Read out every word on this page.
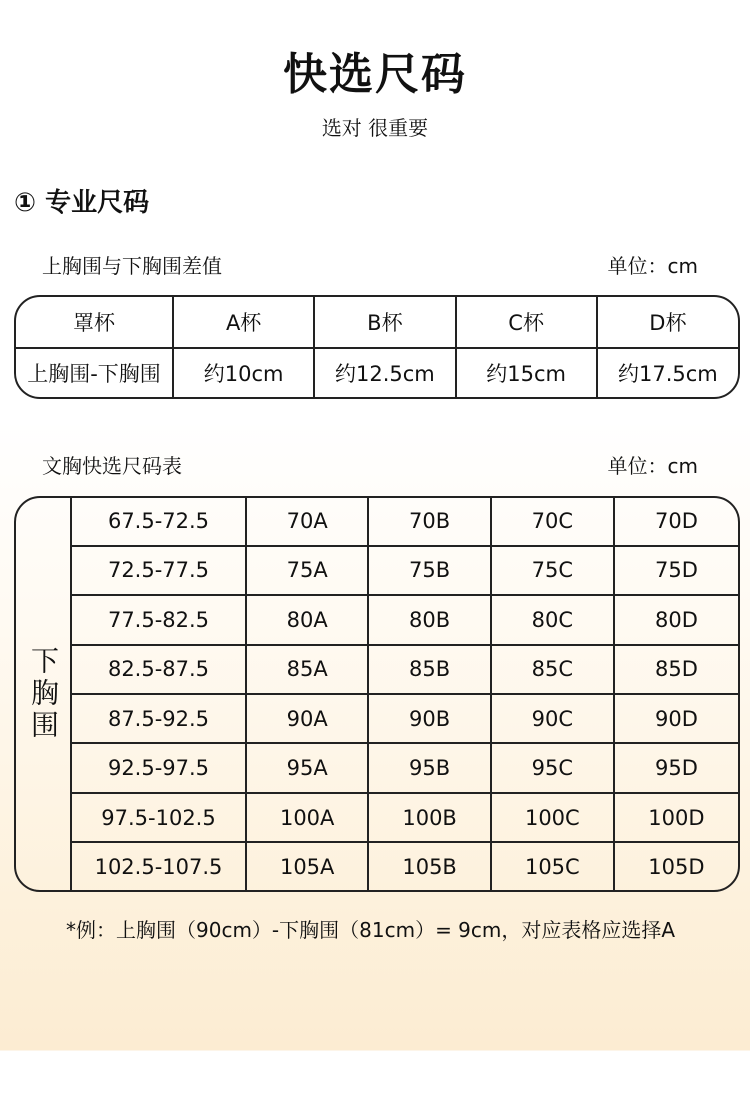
快选尺码
选对 很重要
① 专业尺码
上胸围与下胸围差值	单位：cm
罩杯	A杯	B杯	C杯	D杯
上胸围-下胸围	约10cm	约12.5cm	约15cm	约17.5cm
文胸快选尺码表	单位：cm
下胸围
67.5-72.5	70A	70B	70C	70D
72.5-77.5	75A	75B	75C	75D
77.5-82.5	80A	80B	80C	80D
82.5-87.5	85A	85B	85C	85D
87.5-92.5	90A	90B	90C	90D
92.5-97.5	95A	95B	95C	95D
97.5-102.5	100A	100B	100C	100D
102.5-107.5	105A	105B	105C	105D
*例：上胸围（90cm）-下胸围（81cm）= 9cm，对应表格应选择A
